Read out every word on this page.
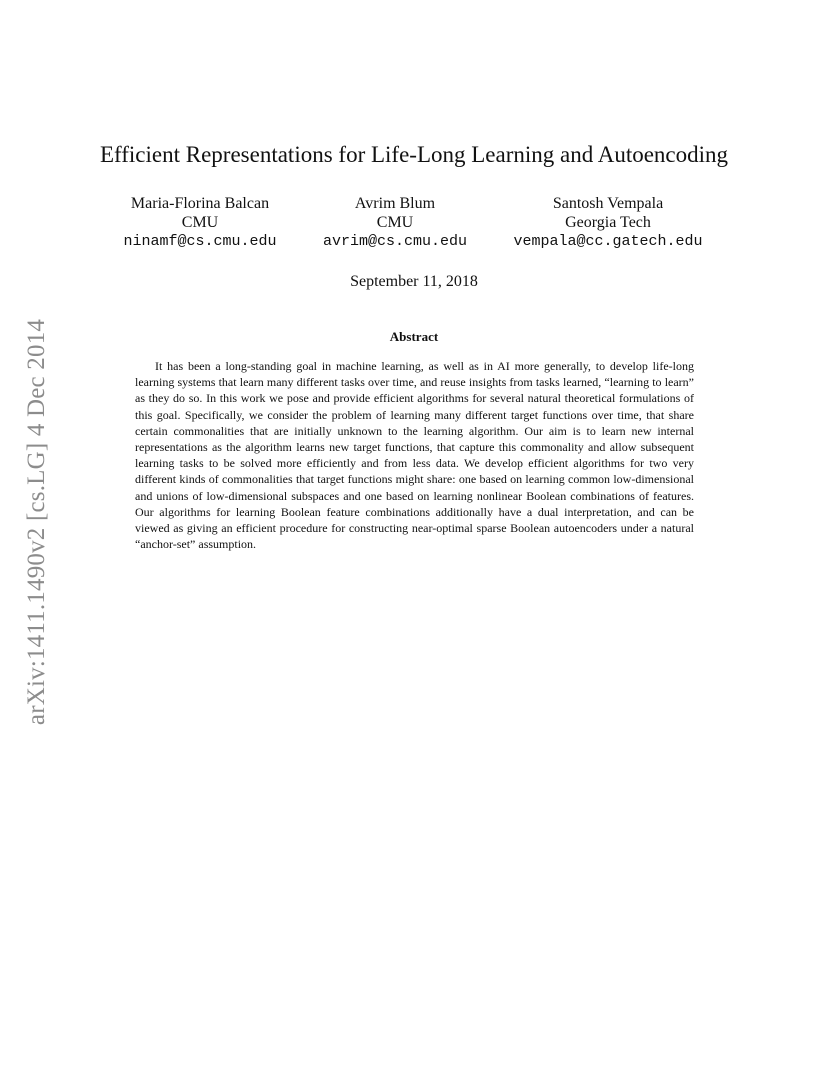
arXiv:1411.1490v2 [cs.LG] 4 Dec 2014
Efficient Representations for Life-Long Learning and Autoencoding
Maria-Florina Balcan
CMU
ninamf@cs.cmu.edu
Avrim Blum
CMU
avrim@cs.cmu.edu
Santosh Vempala
Georgia Tech
vempala@cc.gatech.edu
September 11, 2018
Abstract

It has been a long-standing goal in machine learning, as well as in AI more generally, to develop life-long learning systems that learn many different tasks over time, and reuse insights from tasks learned, “learning to learn” as they do so. In this work we pose and provide efficient algorithms for several natural theoretical formulations of this goal. Specifically, we consider the problem of learning many different target functions over time, that share certain commonalities that are initially unknown to the learning algorithm. Our aim is to learn new internal representations as the algorithm learns new target functions, that capture this commonality and allow subsequent learning tasks to be solved more efficiently and from less data. We develop efficient algorithms for two very different kinds of commonalities that target functions might share: one based on learning common low-dimensional and unions of low-dimensional subspaces and one based on learning nonlinear Boolean combinations of features. Our algorithms for learning Boolean feature combinations additionally have a dual interpretation, and can be viewed as giving an efficient procedure for constructing near-optimal sparse Boolean autoencoders under a natural “anchor-set” assumption.
